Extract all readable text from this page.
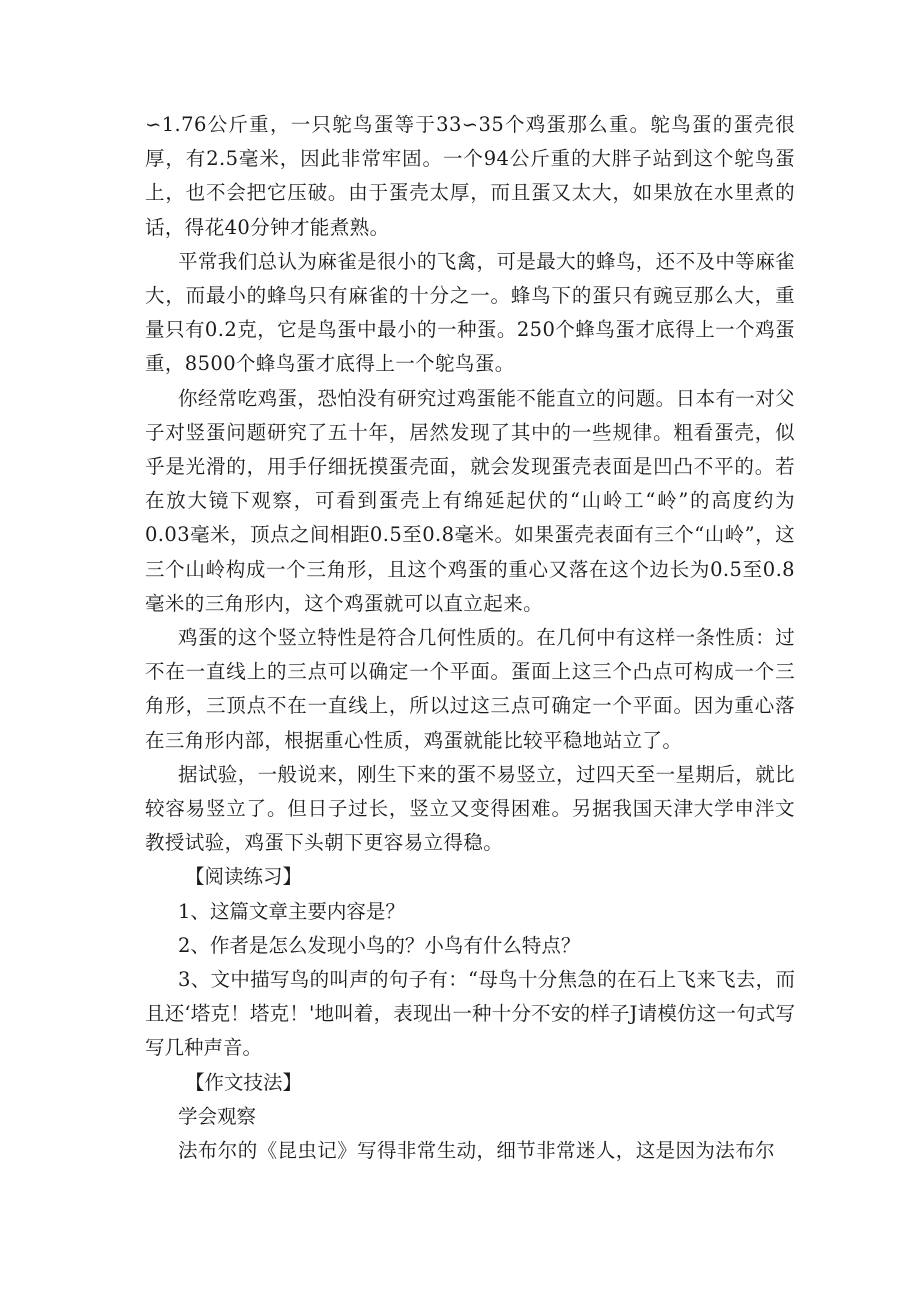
∽1.76公斤重，一只鸵鸟蛋等于33∽35个鸡蛋那么重。鸵鸟蛋的蛋壳很厚，有2.5毫米，因此非常牢固。一个94公斤重的大胖子站到这个鸵鸟蛋上，也不会把它压破。由于蛋壳太厚，而且蛋又太大，如果放在水里煮的话，得花40分钟才能煮熟。

平常我们总认为麻雀是很小的飞禽，可是最大的蜂鸟，还不及中等麻雀大，而最小的蜂鸟只有麻雀的十分之一。蜂鸟下的蛋只有豌豆那么大，重量只有0.2克，它是鸟蛋中最小的一种蛋。250个蜂鸟蛋才底得上一个鸡蛋重，8500个蜂鸟蛋才底得上一个鸵鸟蛋。

你经常吃鸡蛋，恐怕没有研究过鸡蛋能不能直立的问题。日本有一对父子对竖蛋问题研究了五十年，居然发现了其中的一些规律。粗看蛋壳，似乎是光滑的，用手仔细抚摸蛋壳面，就会发现蛋壳表面是凹凸不平的。若在放大镜下观察，可看到蛋壳上有绵延起伏的“山岭工“岭”的高度约为0.03毫米，顶点之间相距0.5至0.8毫米。如果蛋壳表面有三个“山岭”，这三个山岭构成一个三角形，且这个鸡蛋的重心又落在这个边长为0.5至0.8毫米的三角形内，这个鸡蛋就可以直立起来。

鸡蛋的这个竖立特性是符合几何性质的。在几何中有这样一条性质：过不在一直线上的三点可以确定一个平面。蛋面上这三个凸点可构成一个三角形，三顶点不在一直线上，所以过这三点可确定一个平面。因为重心落在三角形内部，根据重心性质，鸡蛋就能比较平稳地站立了。

据试验，一般说来，刚生下来的蛋不易竖立，过四天至一星期后，就比较容易竖立了。但日子过长，竖立又变得困难。另据我国天津大学申泮文教授试验，鸡蛋下头朝下更容易立得稳。

【阅读练习】

1、这篇文章主要内容是？

2、作者是怎么发现小鸟的？小鸟有什么特点？

3、文中描写鸟的叫声的句子有：“母鸟十分焦急的在石上飞来飞去，而且还‘塔克！塔克！'地叫着，表现出一种十分不安的样子J请模仿这一句式写写几种声音。

【作文技法】

学会观察

法布尔的《昆虫记》写得非常生动，细节非常迷人，这是因为法布尔
